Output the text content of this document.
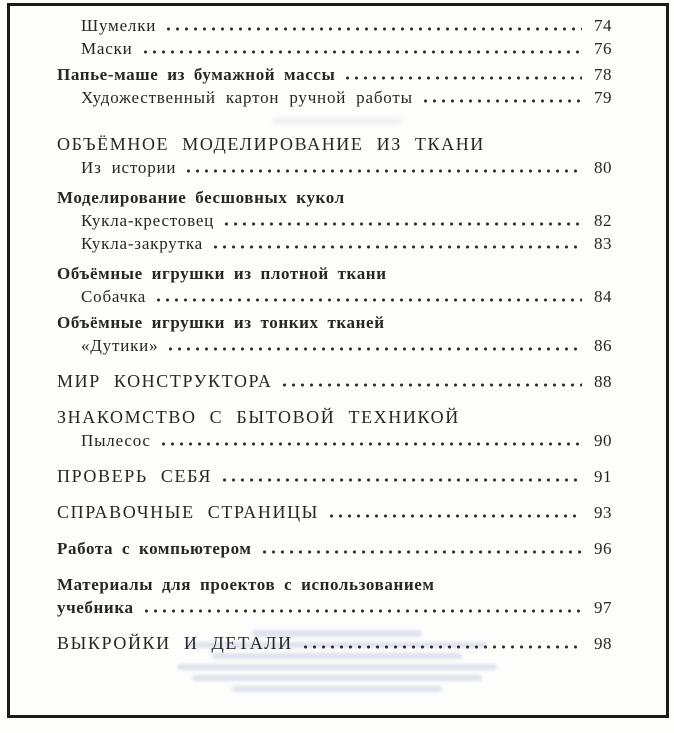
Шумелки	74
Маски	76
Папье-маше из бумажной массы	78
Художественный картон ручной работы	79
ОБЪЁМНОЕ МОДЕЛИРОВАНИЕ ИЗ ТКАНИ
Из истории	80
Моделирование бесшовных кукол
Кукла-крестовец	82
Кукла-закрутка	83
Объёмные игрушки из плотной ткани
Собачка	84
Объёмные игрушки из тонких тканей
«Дутики»	86
МИР КОНСТРУКТОРА	88
ЗНАКОМСТВО С БЫТОВОЙ ТЕХНИКОЙ
Пылесос	90
ПРОВЕРЬ СЕБЯ	91
СПРАВОЧНЫЕ СТРАНИЦЫ	93
Работа с компьютером	96
Материалы для проектов с использованием
учебника	97
ВЫКРОЙКИ И ДЕТАЛИ	98
